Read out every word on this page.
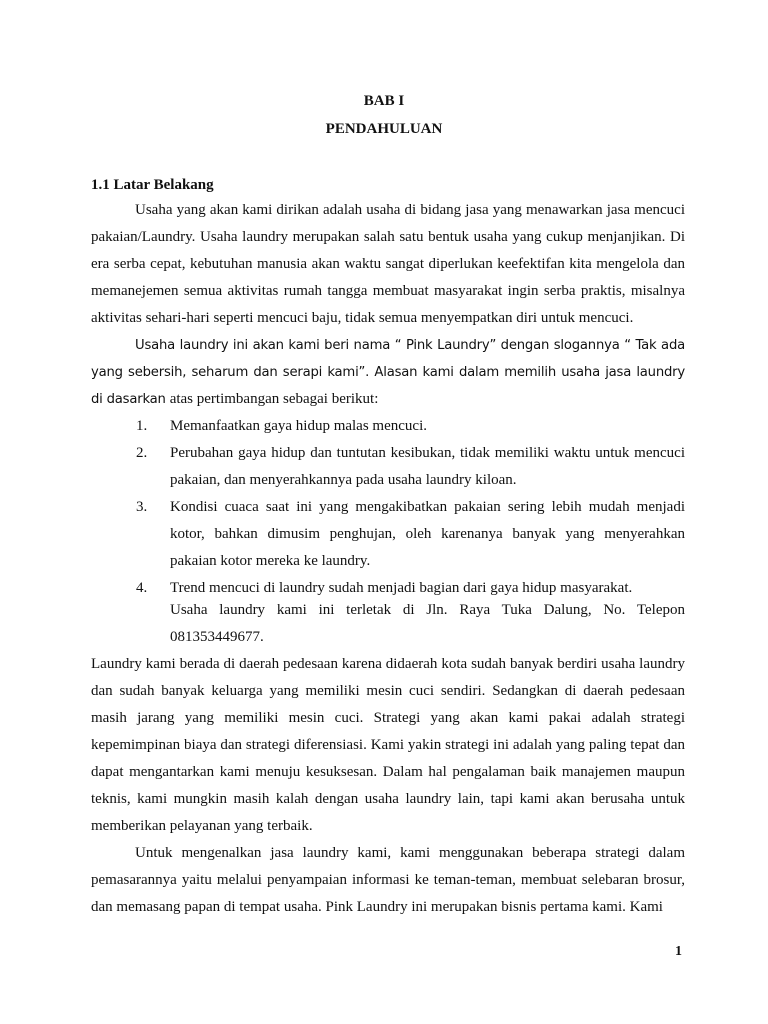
BAB I
PENDAHULUAN
1.1 Latar Belakang

Usaha yang akan kami dirikan adalah usaha di bidang jasa yang menawarkan jasa mencuci pakaian/Laundry. Usaha laundry merupakan salah satu bentuk usaha yang cukup menjanjikan. Di era serba cepat, kebutuhan manusia akan waktu sangat diperlukan keefektifan kita mengelola dan memanejemen semua aktivitas rumah tangga membuat masyarakat ingin serba praktis, misalnya aktivitas sehari-hari seperti mencuci baju, tidak semua menyempatkan diri untuk mencuci.

Usaha laundry ini akan kami beri nama “ Pink Laundry” dengan slogannya “ Tak ada yang sebersih, seharum dan serapi kami”. Alasan kami dalam memilih usaha jasa laundry di dasarkan atas pertimbangan sebagai berikut:

1. Memanfaatkan gaya hidup malas mencuci.
2. Perubahan gaya hidup dan tuntutan kesibukan, tidak memiliki waktu untuk mencuci pakaian, dan menyerahkannya pada usaha laundry kiloan.
3. Kondisi cuaca saat ini yang mengakibatkan pakaian sering lebih mudah menjadi kotor, bahkan dimusim penghujan, oleh karenanya banyak yang menyerahkan pakaian kotor mereka ke laundry.
4. Trend mencuci di laundry sudah menjadi bagian dari gaya hidup masyarakat.

Usaha laundry kami ini terletak di Jln. Raya Tuka Dalung, No. Telepon 081353449677.

Laundry kami berada di daerah pedesaan karena didaerah kota sudah banyak berdiri usaha laundry dan sudah banyak keluarga yang memiliki mesin cuci sendiri. Sedangkan di daerah pedesaan masih jarang yang memiliki mesin cuci. Strategi yang akan kami pakai adalah strategi kepemimpinan biaya dan strategi diferensiasi. Kami yakin strategi ini adalah yang paling tepat dan dapat mengantarkan kami menuju kesuksesan. Dalam hal pengalaman baik manajemen maupun teknis, kami mungkin masih kalah dengan usaha laundry lain, tapi kami akan berusaha untuk memberikan pelayanan yang terbaik.

Untuk mengenalkan jasa laundry kami, kami menggunakan beberapa strategi dalam pemasarannya yaitu melalui penyampaian informasi ke teman-teman, membuat selebaran brosur, dan memasang papan di tempat usaha. Pink Laundry ini merupakan bisnis pertama kami. Kami

1
